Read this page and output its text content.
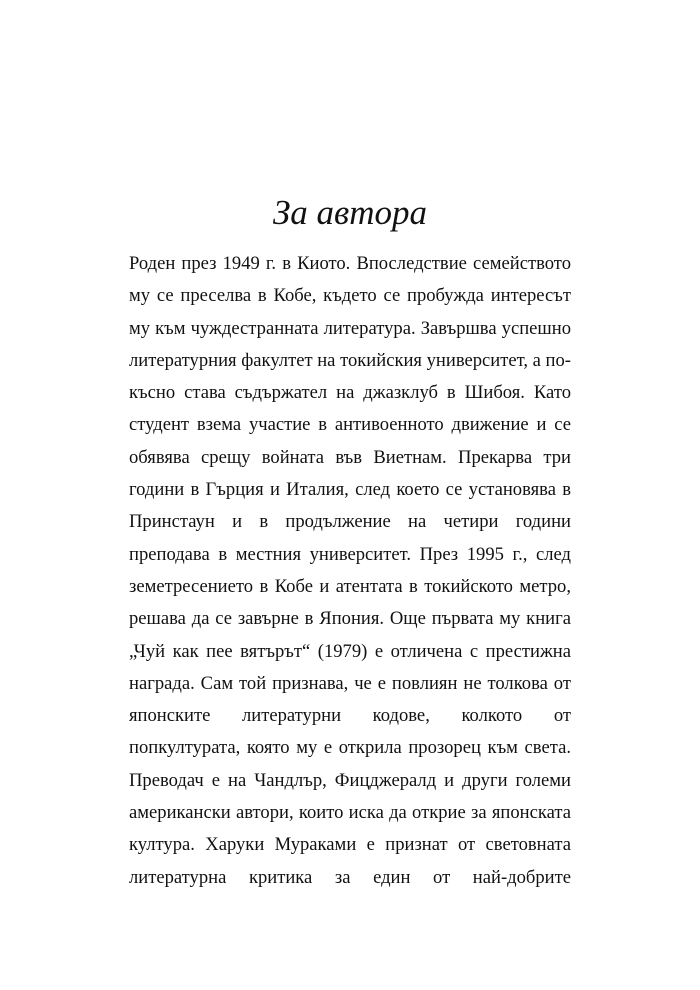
За автора
Роден през 1949 г. в Киото. Впоследствие семейството
му се преселва в Кобе, където се пробужда интересът
му към чуждестранната литература. Завършва успешно
литературния факултет на токийския университет, а по-
късно става съдържател на джазклуб в Шибоя. Като
студент взема участие в антивоенното движение и се
обявява срещу войната във Виетнам. Прекарва три
години в Гърция и Италия, след което се установява в
Принстаун и в продължение на четири години
преподава в местния университет. През 1995 г., след
земетресението в Кобе и атентата в токийското метро,
решава да се завърне в Япония. Още първата му книга
„Чуй как пее вятърът“ (1979) е отличена с престижна
награда. Сам той признава, че е повлиян не толкова от
японските литературни кодове, колкото от
попкултурата, която му е открила прозорец към света.
Преводач е на Чандлър, Фицджералд и други големи
американски автори, които иска да открие за японската
култура. Харуки Мураками е признат от световната
литературна критика за един от най-добрите
